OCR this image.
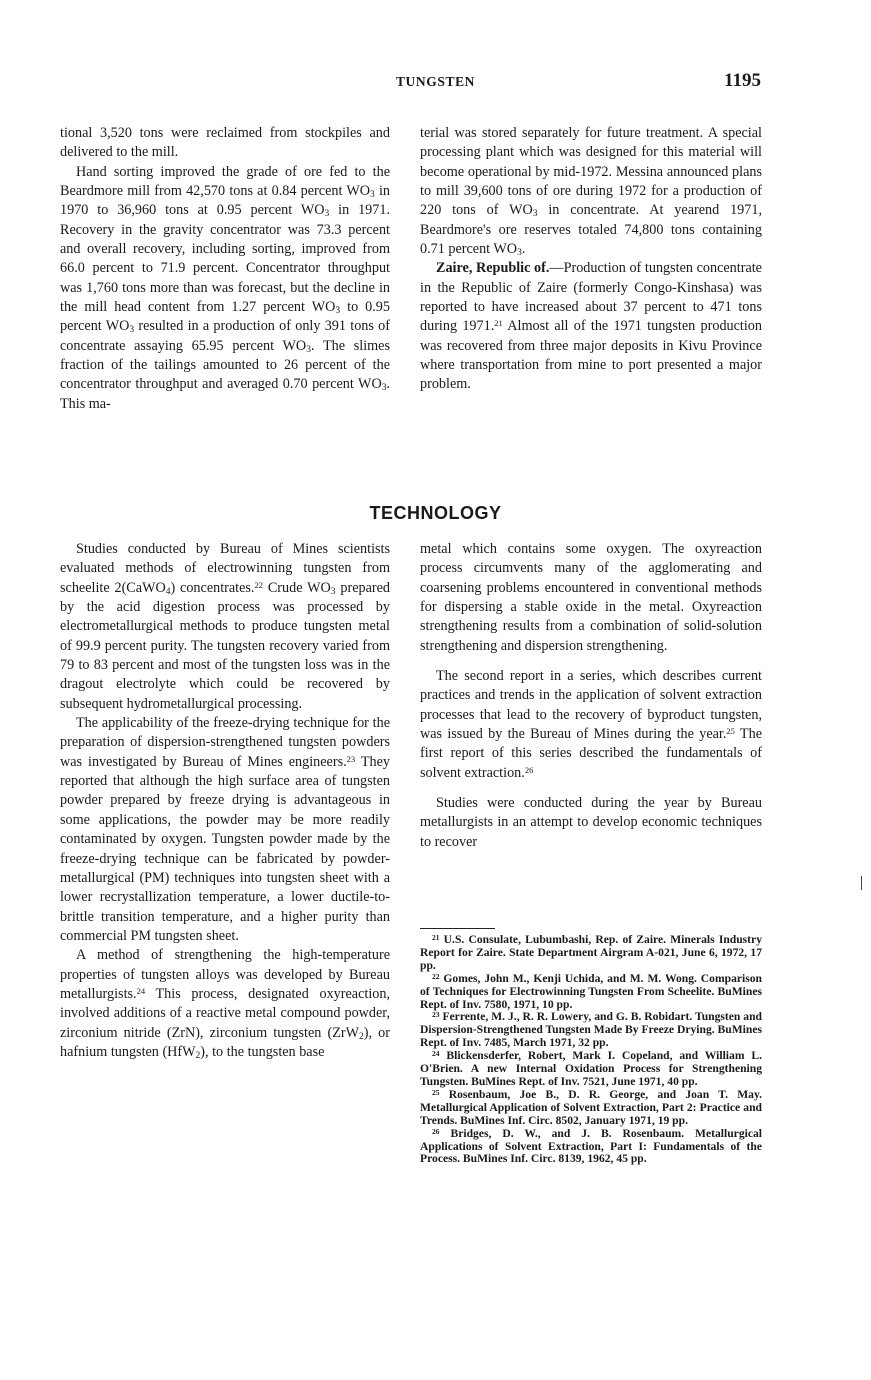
TUNGSTEN	1195

tional 3,520 tons were reclaimed from stockpiles and delivered to the mill.

Hand sorting improved the grade of ore fed to the Beardmore mill from 42,570 tons at 0.84 percent $WO_3$ in 1970 to 36,960 tons at 0.95 percent $WO_3$ in 1971. Recovery in the gravity concentrator was 73.3 percent and overall recovery, including sorting, improved from 66.0 percent to 71.9 percent. Concentrator throughput was 1,760 tons more than was forecast, but the decline in the mill head content from 1.27 percent $WO_3$ to 0.95 percent $WO_3$ resulted in a production of only 391 tons of concentrate assaying 65.95 percent $WO_3$. The slimes fraction of the tailings amounted to 26 percent of the concentrator throughput and averaged 0.70 percent $WO_3$. This ma-

terial was stored separately for future treatment. A special processing plant which was designed for this material will become operational by mid-1972. Messina announced plans to mill 39,600 tons of ore during 1972 for a production of 220 tons of $WO_3$ in concentrate. At yearend 1971, Beardmore's ore reserves totaled 74,800 tons containing 0.71 percent $WO_3$.

Zaire, Republic of.—Production of tungsten concentrate in the Republic of Zaire (formerly Congo-Kinshasa) was reported to have increased about 37 percent to 471 tons during 1971.21 Almost all of the 1971 tungsten production was recovered from three major deposits in Kivu Province where transportation from mine to port presented a major problem.

TECHNOLOGY

Studies conducted by Bureau of Mines scientists evaluated methods of electrowinning tungsten from scheelite 2(CaWO$_4$) concentrates.$^{22}$ Crude $WO_3$ prepared by the acid digestion process was processed by electrometallurgical methods to produce tungsten metal of 99.9 percent purity. The tungsten recovery varied from 79 to 83 percent and most of the tungsten loss was in the dragout electrolyte which could be recovered by subsequent hydrometallurgical processing.

The applicability of the freeze-drying technique for the preparation of dispersion-strengthened tungsten powders was investigated by Bureau of Mines engineers.$^{23}$ They reported that although the high surface area of tungsten powder prepared by freeze drying is advantageous in some applications, the powder may be more readily contaminated by oxygen. Tungsten powder made by the freeze-drying technique can be fabricated by powder-metallurgical (PM) techniques into tungsten sheet with a lower recrystallization temperature, a lower ductile-to-brittle transition temperature, and a higher purity than commercial PM tungsten sheet.

A method of strengthening the high-temperature properties of tungsten alloys was developed by Bureau metallurgists.$^{24}$ This process, designated oxyreaction, involved additions of a reactive metal compound powder, zirconium nitride (ZrN), zirconium tungsten (ZrW$_2$), or hafnium tungsten (HfW$_2$), to the tungsten base

metal which contains some oxygen. The oxyreaction process circumvents many of the agglomerating and coarsening problems encountered in conventional methods for dispersing a stable oxide in the metal. Oxyreaction strengthening results from a combination of solid-solution strengthening and dispersion strengthening.

The second report in a series, which describes current practices and trends in the application of solvent extraction processes that lead to the recovery of byproduct tungsten, was issued by the Bureau of Mines during the year.$^{25}$ The first report of this series described the fundamentals of solvent extraction.$^{26}$

Studies were conducted during the year by Bureau metallurgists in an attempt to develop economic techniques to recover

$^{21}$ U.S. Consulate, Lubumbashi, Rep. of Zaire. Minerals Industry Report for Zaire. State Department Airgram A-021, June 6, 1972, 17 pp.

$^{22}$ Gomes, John M., Kenji Uchida, and M. M. Wong. Comparison of Techniques for Electrowinning Tungsten From Scheelite. BuMines Rept. of Inv. 7580, 1971, 10 pp.

$^{23}$ Ferrente, M. J., R. R. Lowery, and G. B. Robidart. Tungsten and Dispersion-Strengthened Tungsten Made By Freeze Drying. BuMines Rept. of Inv. 7485, March 1971, 32 pp.

$^{24}$ Blickensderfer, Robert, Mark I. Copeland, and William L. O'Brien. A new Internal Oxidation Process for Strengthening Tungsten. BuMines Rept. of Inv. 7521, June 1971, 40 pp.

$^{25}$ Rosenbaum, Joe B., D. R. George, and Joan T. May. Metallurgical Application of Solvent Extraction, Part 2: Practice and Trends. BuMines Inf. Circ. 8502, January 1971, 19 pp.

$^{26}$ Bridges, D. W., and J. B. Rosenbaum. Metallurgical Applications of Solvent Extraction, Part I: Fundamentals of the Process. BuMines Inf. Circ. 8139, 1962, 45 pp.
